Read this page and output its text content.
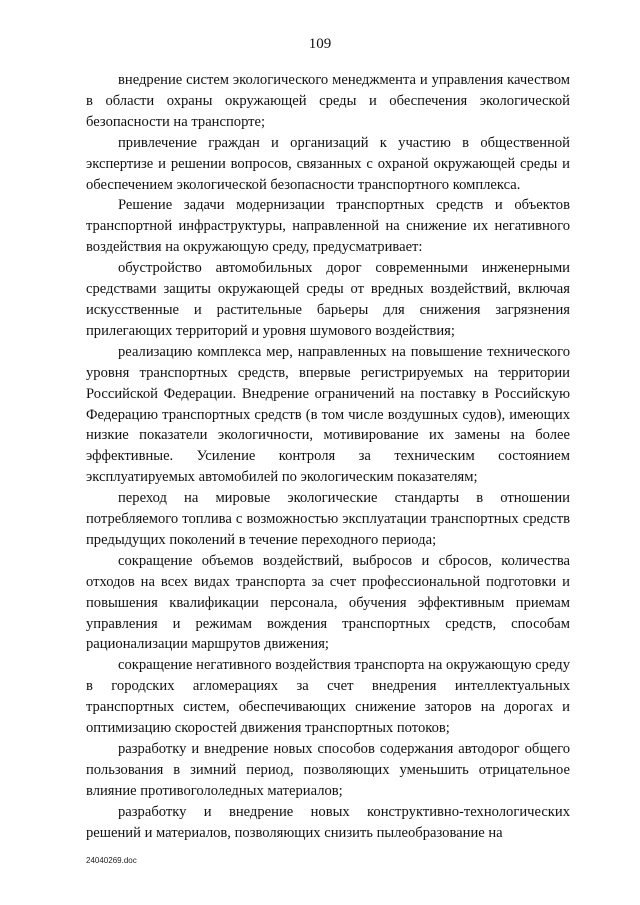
109

внедрение систем экологического менеджмента и управления качеством в области охраны окружающей среды и обеспечения экологической безопасности на транспорте;

привлечение граждан и организаций к участию в общественной экспертизе и решении вопросов, связанных с охраной окружающей среды и обеспечением экологической безопасности транспортного комплекса.

Решение задачи модернизации транспортных средств и объектов транспортной инфраструктуры, направленной на снижение их негативного воздействия на окружающую среду, предусматривает:

обустройство автомобильных дорог современными инженерными средствами защиты окружающей среды от вредных воздействий, включая искусственные и растительные барьеры для снижения загрязнения прилегающих территорий и уровня шумового воздействия;

реализацию комплекса мер, направленных на повышение технического уровня транспортных средств, впервые регистрируемых на территории Российской Федерации. Внедрение ограничений на поставку в Российскую Федерацию транспортных средств (в том числе воздушных судов), имеющих низкие показатели экологичности, мотивирование их замены на более эффективные. Усиление контроля за техническим состоянием эксплуатируемых автомобилей по экологическим показателям;

переход на мировые экологические стандарты в отношении потребляемого топлива с возможностью эксплуатации транспортных средств предыдущих поколений в течение переходного периода;

сокращение объемов воздействий, выбросов и сбросов, количества отходов на всех видах транспорта за счет профессиональной подготовки и повышения квалификации персонала, обучения эффективным приемам управления и режимам вождения транспортных средств, способам рационализации маршрутов движения;

сокращение негативного воздействия транспорта на окружающую среду в городских агломерациях за счет внедрения интеллектуальных транспортных систем, обеспечивающих снижение заторов на дорогах и оптимизацию скоростей движения транспортных потоков;

разработку и внедрение новых способов содержания автодорог общего пользования в зимний период, позволяющих уменьшить отрицательное влияние противогололедных материалов;

разработку и внедрение новых конструктивно-технологических решений и материалов, позволяющих снизить пылеобразование на

24040269.doc
